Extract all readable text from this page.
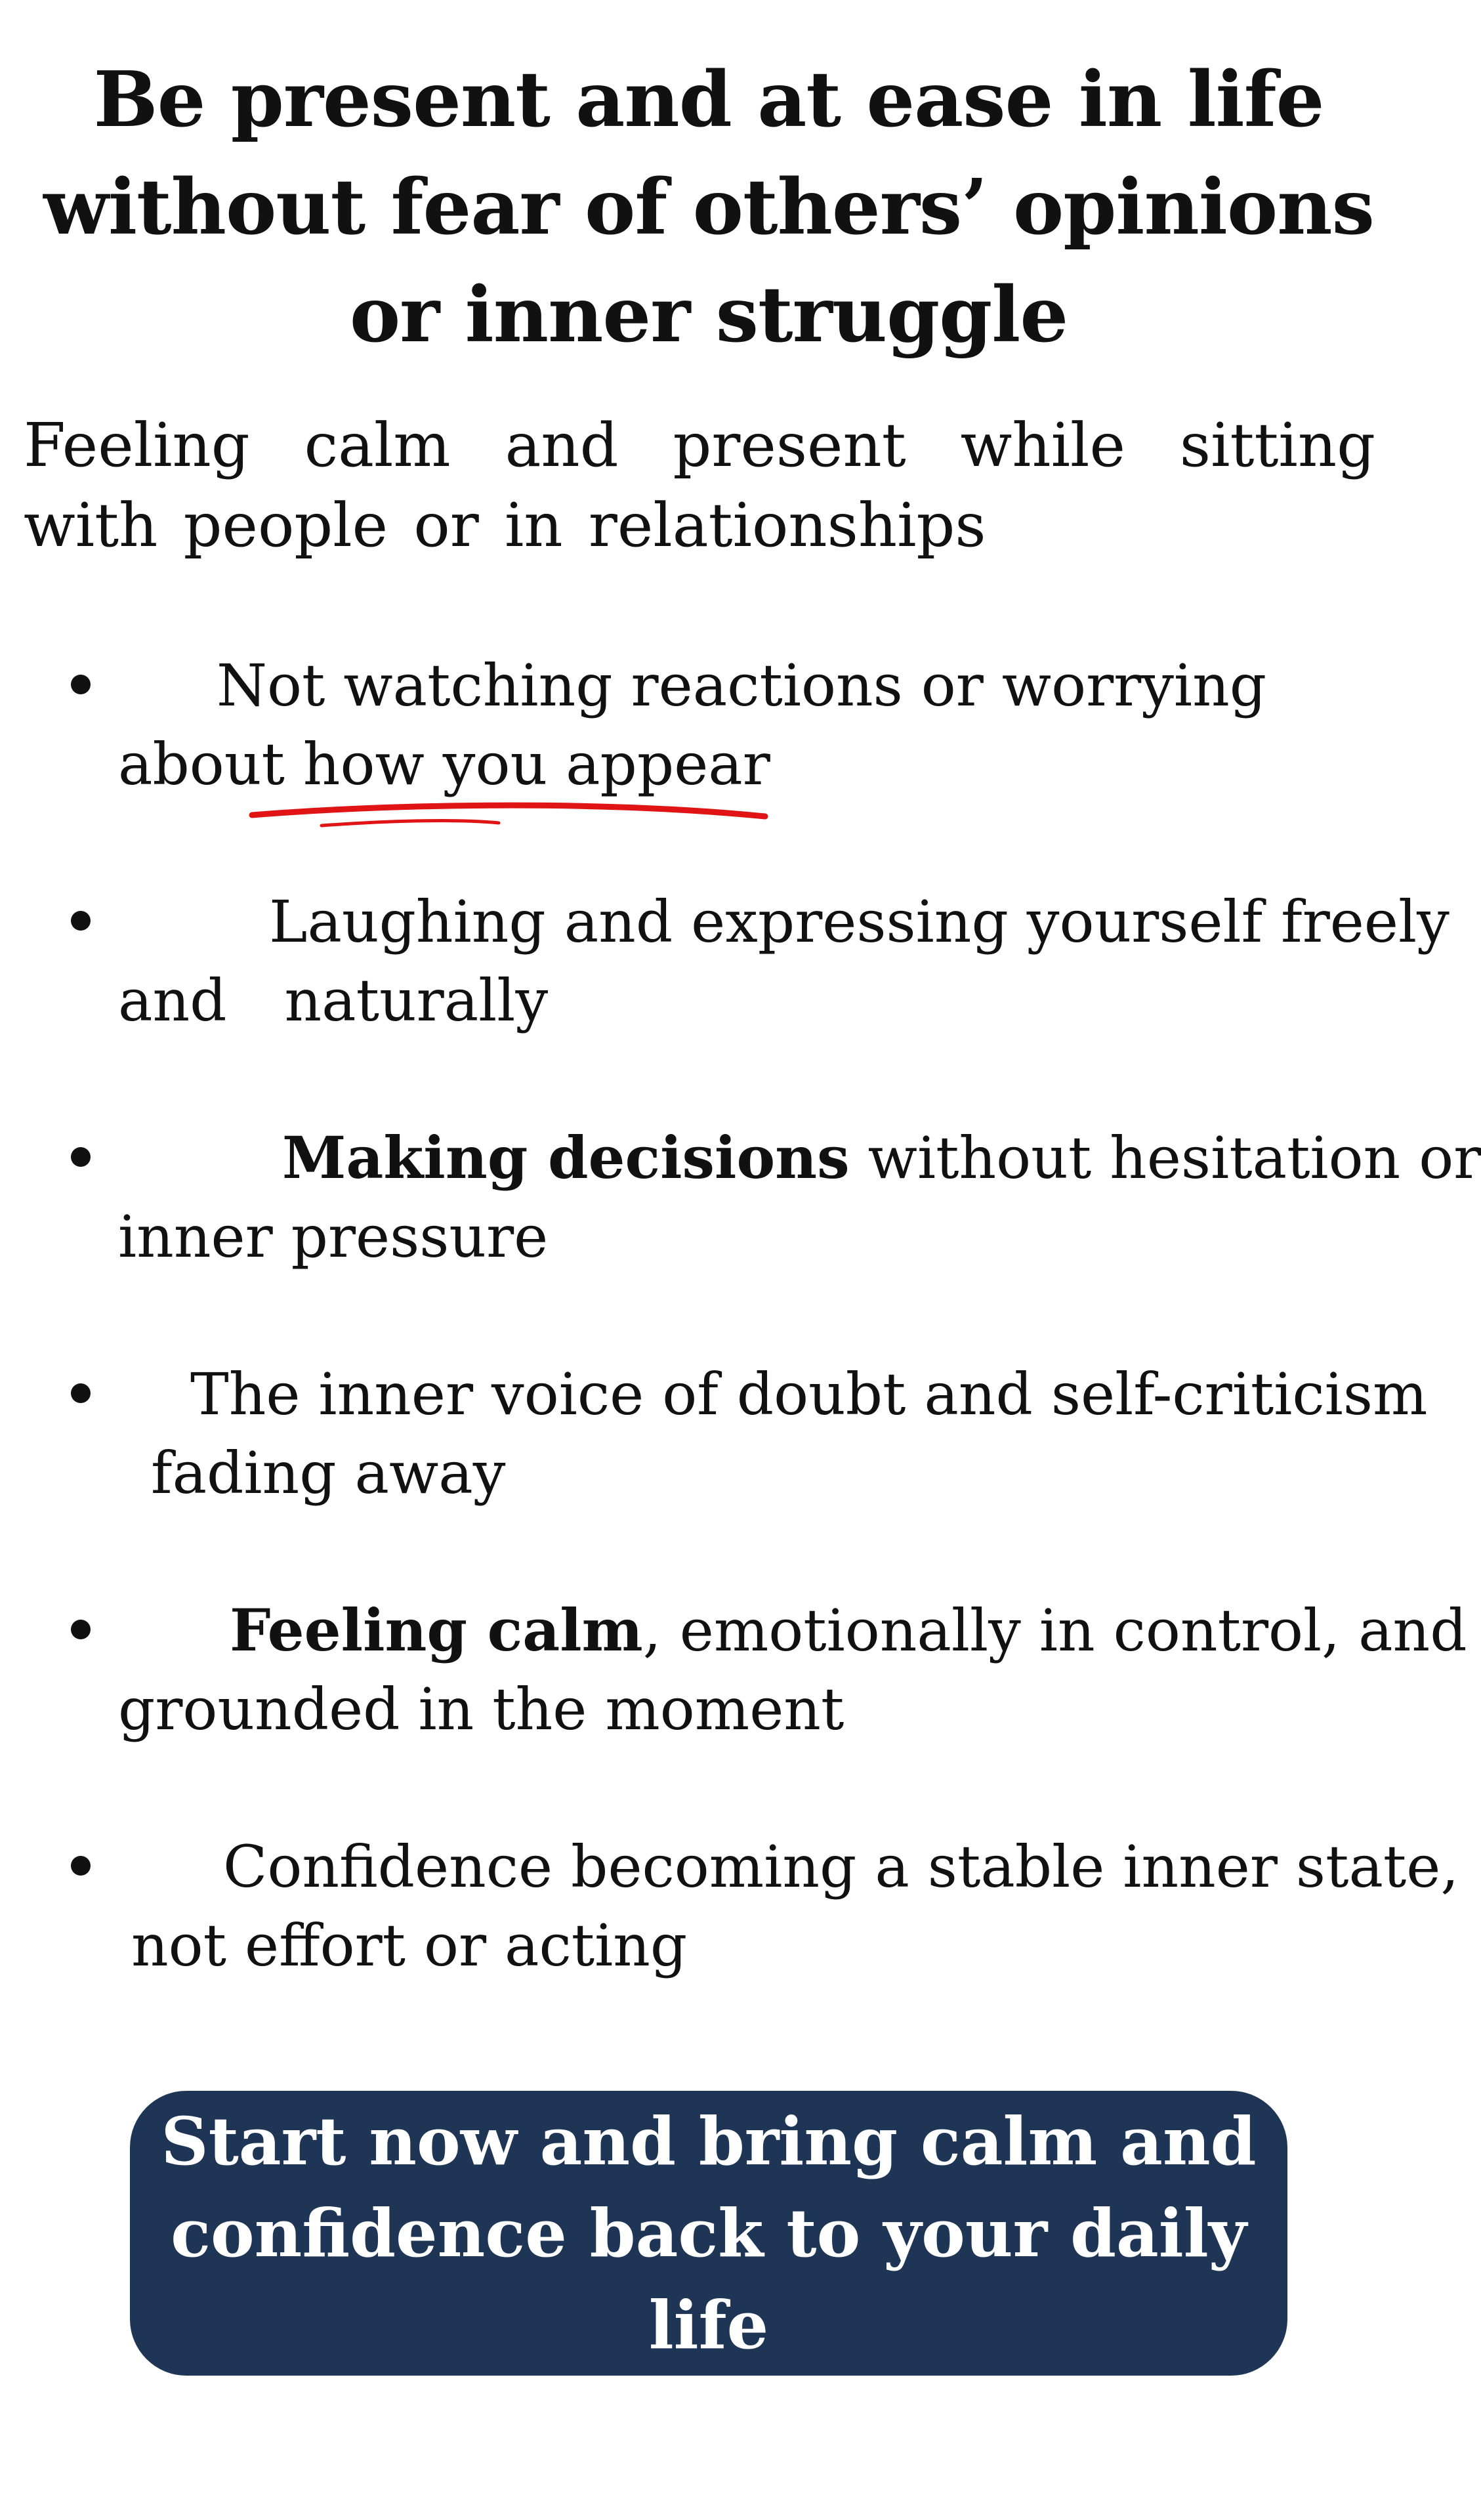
Be present and at ease in life without fear of others’ opinions or inner struggle

Feeling calm and present while sitting with people or in relationships

Not watching reactions or worrying
about how you appear

Laughing and expressing yourself freely
and naturally

Making decisions without hesitation or
inner pressure

The inner voice of doubt and self-criticism
fading away

Feeling calm, emotionally in control, and
grounded in the moment

Confidence becoming a stable inner state,
not effort or acting

Start now and bring calm and confidence back to your daily life
